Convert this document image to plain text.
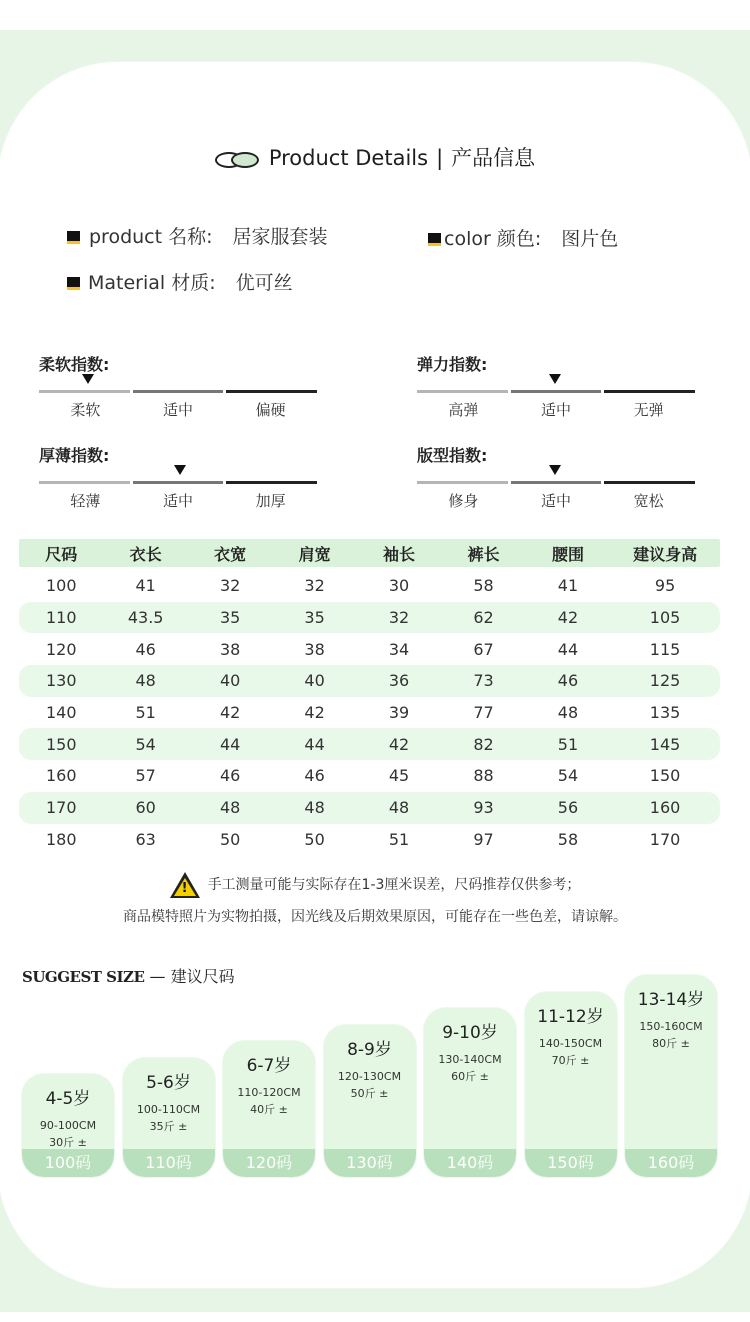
Product Details | 产品信息
product 名称: 居家服套装	color 颜色: 图片色
Material 材质: 优可丝
柔软指数:
柔软	适中	偏硬
弹力指数:
高弹	适中	无弹
厚薄指数:
轻薄	适中	加厚
版型指数:
修身	适中	宽松
尺码	衣长	衣宽	肩宽	袖长	裤长	腰围	建议身高
100	41	32	32	30	58	41	95
110	43.5	35	35	32	62	42	105
120	46	38	38	34	67	44	115
130	48	40	40	36	73	46	125
140	51	42	42	39	77	48	135
150	54	44	44	42	82	51	145
160	57	46	46	45	88	54	150
170	60	48	48	48	93	56	160
180	63	50	50	51	97	58	170
!	手工测量可能与实际存在1-3厘米误差，尺码推荐仅供参考；
商品模特照片为实物拍摄，因光线及后期效果原因，可能存在一些色差，请谅解。
SUGGEST SIZE — 建议尺码
4-5岁
90-100CM
30斤 ±
100码
5-6岁
100-110CM
35斤 ±
110码
6-7岁
110-120CM
40斤 ±
120码
8-9岁
120-130CM
50斤 ±
130码
9-10岁
130-140CM
60斤 ±
140码
11-12岁
140-150CM
70斤 ±
150码
13-14岁
150-160CM
80斤 ±
160码
